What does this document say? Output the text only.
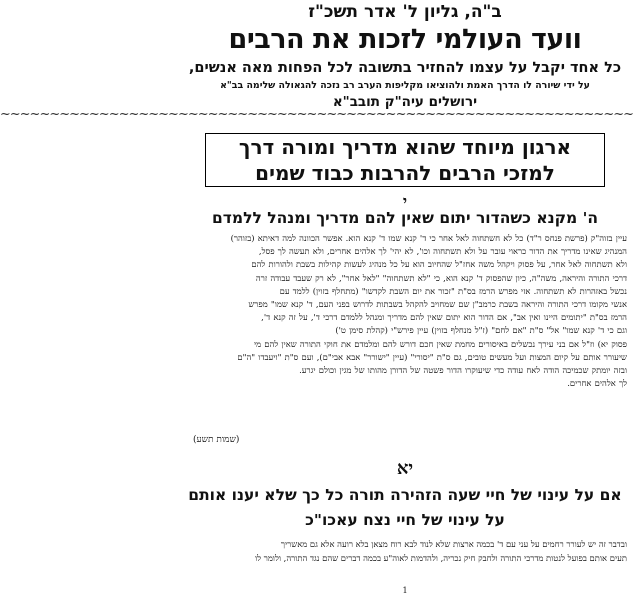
ב"ה, גליון ל' אדר תשכ"ז
וועד העולמי לזכות את הרבים
כל אחד יקבל על עצמו להחזיר בתשובה לכל הפחות מאה אנשים,
על ידי שיורה לו הדרך האמת ולהוציאו מקליפות הערב רב נזכה להגאולה שלימה בב"א
ירושלים עיה"ק תובב"א
~~~~~~~~~~~~~~~~~~~~~~~~~~~~~~~~~~~~~~~~~~~~~~~~~~~~~~~~~~~~~~~~
ארגון מיוחד שהוא מדריך ומורה דרך
למזכי הרבים להרבות כבוד שמים
י
ה' מקנא כשהדור יתום שאין להם מדריך ומנהל ללמדם

עיין בזוה"ק (פרשת פנחס ר"ד) כל לא חשתחוה לאל אחר כי ד' קנא שמו ד' קנא הוא. אפשר הכוונה למה דאיתא (בזוהר)

המנהיג שאינו מדריך את הדור כראוי עובר על ולא תשתחוה וכו', לא יהי' לך אלהים אחרים, ולא תעשה לך פסל,

ולא תשתחוה לאל אחר, על פסוק ויקהל משה אחז"ל שהחיוב הוא על כל מנהיג לעשות קהילות בשבת ולהורות להם

דרכי התורה והיראה, משה"ה, כיון שהפסוק ד' קנא הוא, כי "לא תשתחוה" "לאל אחר", לא רק שעבד עבודה זרה

נכשל באזהרות לא תשתחוה. אזי מפרש הרמז בס"ת "זכור את יום השבת לקדשו" (מתחלף בזוין) ללמד עם

אנשי מקומו דרכי התורה והיראה בשבת כרמב"ן שם שמחויב להקהל בשבתות לדרוש בפני העם, ד' קנא שמו" מפרש

הרמז בס"ת "יתומים היינו ואין אב", אם הדור הוא יתום שאין להם מדריך ומנהל ללמדם דרכי ד', על זה קנא ד',

וגם כי ד' קנא שמו" אל" ס"ת "אם לחם" (ז"ל מנחלף בזוין) עיין פירש"י (קהלת סימן ט')

פסוק יא) וז"ל אם בני עירך נכשלים באיסורים מחמת שאין חכם דורש להם ומלמדם את חוקי התורה שאין להם מי

שיעורר אותם על קיום המצות ועל מעשים טובים, גם ס"ת "יסורי" (עיין "ישורר" אבא אבי"ם), ועם ס"ת "ויעבדו "ה"ם

ובזה יומתק שכמיכה הודה לאח עודה כדי שיעוקרו הדור פשטה של הדורן מהותו של מגין וכולם יגרע.

לך אלהים אחרים.

(שמות תשע)
יא
אם על עינוי של חיי שעה הזהירה תורה כל כך שלא יענו אותם
על עינוי של חיי נצח עאכו"כ

ובדבר זה יש לעורר רחמים על עני עם ד' בכמה ארצות שלא לנוד לבא רוח מצאן בלא רועה אלא גם מאשריך

תעים אותם בפועל לנטות מדרכי התורה ולחבק חיק נכריה, ולהדמות לאוה"ע בכמה דברים שהם נגד התורה, ולומר לו

1
